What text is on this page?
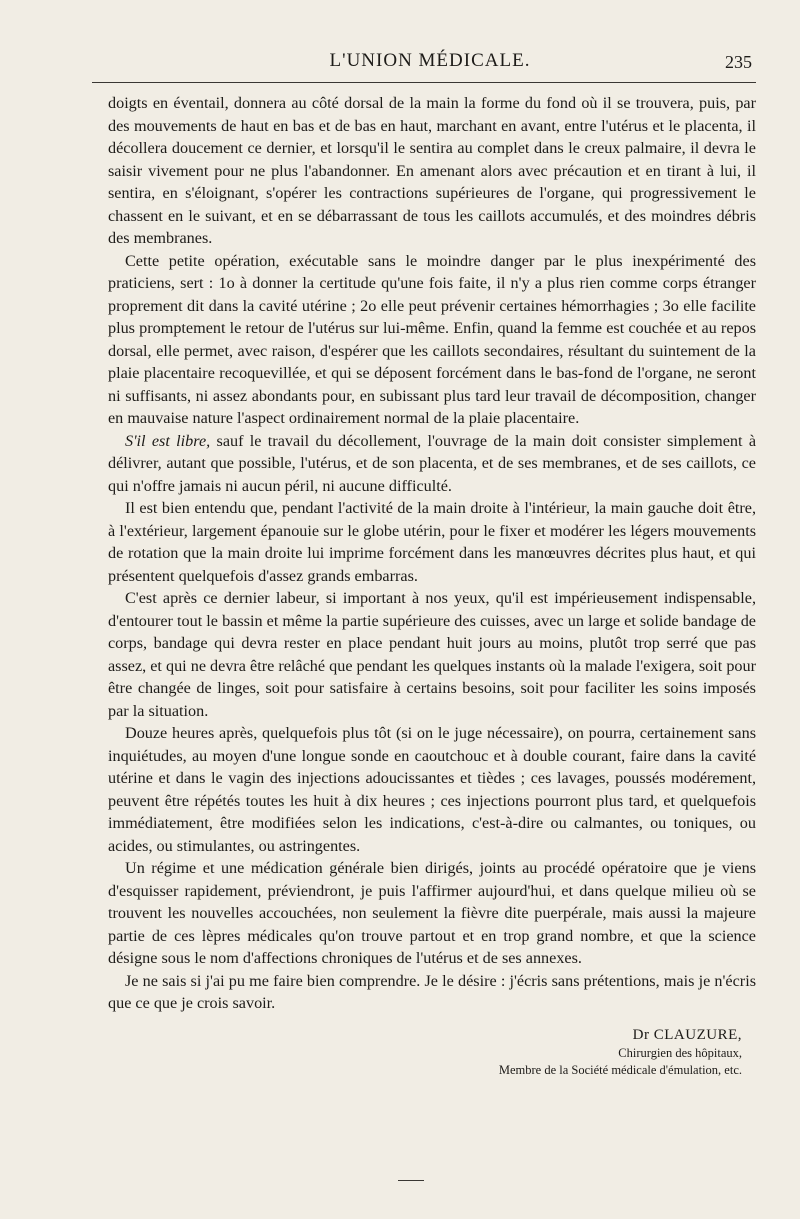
L'UNION MÉDICALE.	235

doigts en éventail, donnera au côté dorsal de la main la forme du fond où il se trouvera, puis, par des mouvements de haut en bas et de bas en haut, marchant en avant, entre l'utérus et le placenta, il décollera doucement ce dernier, et lorsqu'il le sentira au complet dans le creux palmaire, il devra le saisir vivement pour ne plus l'abandonner. En amenant alors avec précaution et en tirant à lui, il sentira, en s'éloignant, s'opérer les contractions supérieures de l'organe, qui progressivement le chassent en le suivant, et en se débarrassant de tous les caillots accumulés, et des moindres débris des membranes.

Cette petite opération, exécutable sans le moindre danger par le plus inexpérimenté des praticiens, sert : 1o à donner la certitude qu'une fois faite, il n'y a plus rien comme corps étranger proprement dit dans la cavité utérine ; 2o elle peut prévenir certaines hémorrhagies ; 3o elle facilite plus promptement le retour de l'utérus sur lui-même. Enfin, quand la femme est couchée et au repos dorsal, elle permet, avec raison, d'espérer que les caillots secondaires, résultant du suintement de la plaie placentaire recoquevillée, et qui se déposent forcément dans le bas-fond de l'organe, ne seront ni suffisants, ni assez abondants pour, en subissant plus tard leur travail de décomposition, changer en mauvaise nature l'aspect ordinairement normal de la plaie placentaire.

S'il est libre, sauf le travail du décollement, l'ouvrage de la main doit consister simplement à délivrer, autant que possible, l'utérus, et de son placenta, et de ses membranes, et de ses caillots, ce qui n'offre jamais ni aucun péril, ni aucune difficulté.

Il est bien entendu que, pendant l'activité de la main droite à l'intérieur, la main gauche doit être, à l'extérieur, largement épanouie sur le globe utérin, pour le fixer et modérer les légers mouvements de rotation que la main droite lui imprime forcément dans les manœuvres décrites plus haut, et qui présentent quelquefois d'assez grands embarras.

C'est après ce dernier labeur, si important à nos yeux, qu'il est impérieusement indispensable, d'entourer tout le bassin et même la partie supérieure des cuisses, avec un large et solide bandage de corps, bandage qui devra rester en place pendant huit jours au moins, plutôt trop serré que pas assez, et qui ne devra être relâché que pendant les quelques instants où la malade l'exigera, soit pour être changée de linges, soit pour satisfaire à certains besoins, soit pour faciliter les soins imposés par la situation.

Douze heures après, quelquefois plus tôt (si on le juge nécessaire), on pourra, certainement sans inquiétudes, au moyen d'une longue sonde en caoutchouc et à double courant, faire dans la cavité utérine et dans le vagin des injections adoucissantes et tièdes ; ces lavages, poussés modérement, peuvent être répétés toutes les huit à dix heures ; ces injections pourront plus tard, et quelquefois immédiatement, être modifiées selon les indications, c'est-à-dire ou calmantes, ou toniques, ou acides, ou stimulantes, ou astringentes.

Un régime et une médication générale bien dirigés, joints au procédé opératoire que je viens d'esquisser rapidement, préviendront, je puis l'affirmer aujourd'hui, et dans quelque milieu où se trouvent les nouvelles accouchées, non seulement la fièvre dite puerpérale, mais aussi la majeure partie de ces lèpres médicales qu'on trouve partout et en trop grand nombre, et que la science désigne sous le nom d'affections chroniques de l'utérus et de ses annexes.

Je ne sais si j'ai pu me faire bien comprendre. Je le désire : j'écris sans prétentions, mais je n'écris que ce que je crois savoir.

Dr CLAUZURE,
Chirurgien des hôpitaux,
Membre de la Société médicale d'émulation, etc.
